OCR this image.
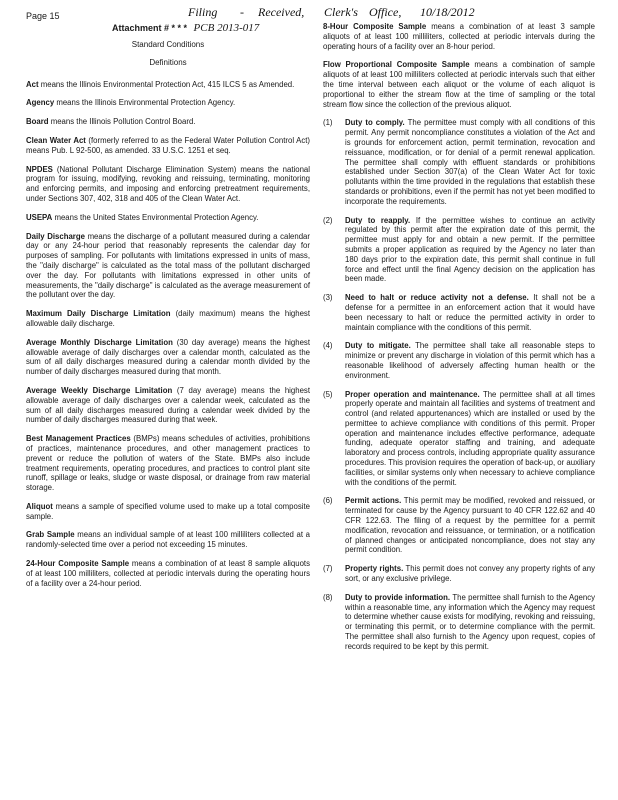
Filing - Received, Clerk's Office, 10/18/2012
Page 15
Attachment # * * * PCB 2013-017
Standard Conditions
Definitions

Act means the Illinois Environmental Protection Act, 415 ILCS 5 as Amended.

Agency means the Illinois Environmental Protection Agency.

Board means the Illinois Pollution Control Board.

Clean Water Act (formerly referred to as the Federal Water Pollution Control Act) means Pub. L 92-500, as amended. 33 U.S.C. 1251 et seq.

NPDES (National Pollutant Discharge Elimination System) means the national program for issuing, modifying, revoking and reissuing, terminating, monitoring and enforcing permits, and imposing and enforcing pretreatment requirements, under Sections 307, 402, 318 and 405 of the Clean Water Act.

USEPA means the United States Environmental Protection Agency.

Daily Discharge means the discharge of a pollutant measured during a calendar day or any 24-hour period that reasonably represents the calendar day for purposes of sampling. For pollutants with limitations expressed in units of mass, the "daily discharge" is calculated as the total mass of the pollutant discharged over the day. For pollutants with limitations expressed in other units of measurements, the "daily discharge" is calculated as the average measurement of the pollutant over the day.

Maximum Daily Discharge Limitation (daily maximum) means the highest allowable daily discharge.

Average Monthly Discharge Limitation (30 day average) means the highest allowable average of daily discharges over a calendar month, calculated as the sum of all daily discharges measured during a calendar month divided by the number of daily discharges measured during that month.

Average Weekly Discharge Limitation (7 day average) means the highest allowable average of daily discharges over a calendar week, calculated as the sum of all daily discharges measured during a calendar week divided by the number of daily discharges measured during that week.

Best Management Practices (BMPs) means schedules of activities, prohibitions of practices, maintenance procedures, and other management practices to prevent or reduce the pollution of waters of the State. BMPs also include treatment requirements, operating procedures, and practices to control plant site runoff, spillage or leaks, sludge or waste disposal, or drainage from raw material storage.

Aliquot means a sample of specified volume used to make up a total composite sample.

Grab Sample means an individual sample of at least 100 milliliters collected at a randomly-selected time over a period not exceeding 15 minutes.

24-Hour Composite Sample means a combination of at least 8 sample aliquots of at least 100 milliliters, collected at periodic intervals during the operating hours of a facility over a 24-hour period.

8-Hour Composite Sample means a combination of at least 3 sample aliquots of at least 100 milliliters, collected at periodic intervals during the operating hours of a facility over an 8-hour period.

Flow Proportional Composite Sample means a combination of sample aliquots of at least 100 milliliters collected at periodic intervals such that either the time interval between each aliquot or the volume of each aliquot is proportional to either the stream flow at the time of sampling or the total stream flow since the collection of the previous aliquot.

(1)	Duty to comply. The permittee must comply with all conditions of this permit. Any permit noncompliance constitutes a violation of the Act and is grounds for enforcement action, permit termination, revocation and reissuance, modification, or for denial of a permit renewal application. The permittee shall comply with effluent standards or prohibitions established under Section 307(a) of the Clean Water Act for toxic pollutants within the time provided in the regulations that establish these standards or prohibitions, even if the permit has not yet been modified to incorporate the requirements.
(2)	Duty to reapply. If the permittee wishes to continue an activity regulated by this permit after the expiration date of this permit, the permittee must apply for and obtain a new permit. If the permittee submits a proper application as required by the Agency no later than 180 days prior to the expiration date, this permit shall continue in full force and effect until the final Agency decision on the application has been made.
(3)	Need to halt or reduce activity not a defense. It shall not be a defense for a permittee in an enforcement action that it would have been necessary to halt or reduce the permitted activity in order to maintain compliance with the conditions of this permit.
(4)	Duty to mitigate. The permittee shall take all reasonable steps to minimize or prevent any discharge in violation of this permit which has a reasonable likelihood of adversely affecting human health or the environment.
(5)	Proper operation and maintenance. The permittee shall at all times properly operate and maintain all facilities and systems of treatment and control (and related appurtenances) which are installed or used by the permittee to achieve compliance with conditions of this permit. Proper operation and maintenance includes effective performance, adequate funding, adequate operator staffing and training, and adequate laboratory and process controls, including appropriate quality assurance procedures. This provision requires the operation of back-up, or auxiliary facilities, or similar systems only when necessary to achieve compliance with the conditions of the permit.
(6)	Permit actions. This permit may be modified, revoked and reissued, or terminated for cause by the Agency pursuant to 40 CFR 122.62 and 40 CFR 122.63. The filing of a request by the permittee for a permit modification, revocation and reissuance, or termination, or a notification of planned changes or anticipated noncompliance, does not stay any permit condition.
(7)	Property rights. This permit does not convey any property rights of any sort, or any exclusive privilege.
(8)	Duty to provide information. The permittee shall furnish to the Agency within a reasonable time, any information which the Agency may request to determine whether cause exists for modifying, revoking and reissuing, or terminating this permit, or to determine compliance with the permit. The permittee shall also furnish to the Agency upon request, copies of records required to be kept by this permit.
